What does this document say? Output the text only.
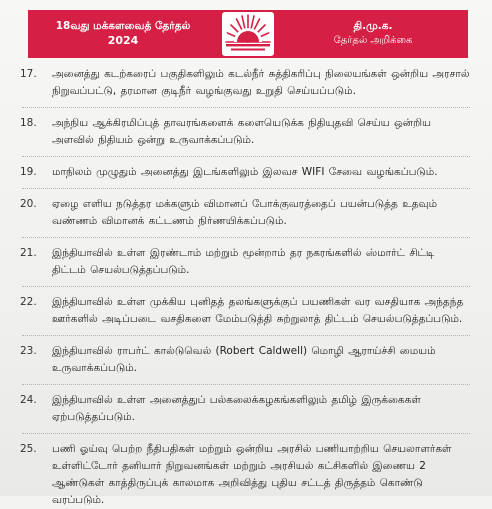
18வது மக்களவைத் தேர்தல்
2024
தி.மு.க.
தேர்தல் அறிக்கை
17.	அனைத்து கடற்கரைப் பகுதிகளிலும் கடல்நீர் சுத்திகரிப்பு நிலையங்கள் ஒன்றிய அரசால் நிறுவப்பட்டு, தரமான குடிநீர் வழங்குவது உறுதி செய்யப்படும்.
18.	அந்நிய ஆக்கிரமிப்புத் தாவரங்களைக் களையெடுக்க நிதியுதவி செய்ய ஒன்றிய அளவில் நிதியம் ஒன்று உருவாக்கப்படும்.
19.	மாநிலம் முழுதும் அனைத்து இடங்களிலும் இலவச WIFI சேவை வழங்கப்படும்.
20.	ஏழை எளிய நடுத்தர மக்களும் விமானப் போக்குவரத்தைப் பயன்படுத்த உதவும் வண்ணம் விமானக் கட்டணம் நிர்ணயிக்கப்படும்.
21.	இந்தியாவில் உள்ள இரண்டாம் மற்றும் மூன்றாம் தர நகரங்களில் ஸ்மார்ட் சிட்டி திட்டம் செயல்படுத்தப்படும்.
22.	இந்தியாவில் உள்ள முக்கிய புனிதத் தலங்களுக்குப் பயணிகள் வர வசதியாக அந்தந்த ஊர்களில் அடிப்படை வசதிகளை மேம்படுத்தி சுற்றுலாத் திட்டம் செயல்படுத்தப்படும்.
23.	இந்தியாவில் ராபர்ட் கால்டுவெல் (Robert Caldwell) மொழி ஆராய்ச்சி மையம் உருவாக்கப்படும்.
24.	இந்தியாவில் உள்ள அனைத்துப் பல்கலைக்கழகங்களிலும் தமிழ் இருக்கைகள் ஏற்படுத்தப்படும்.
25.	பணி ஓய்வு பெற்ற நீதிபதிகள் மற்றும் ஒன்றிய அரசில் பணியாற்றிய செயலாளர்கள் உள்ளிட்டோர் தனியார் நிறுவனங்கள் மற்றும் அரசியல் கட்சிகளில் இணைய 2 ஆண்டுகள் காத்திருப்புக் காலமாக அறிவித்து புதிய சட்டத் திருத்தம் கொண்டு வரப்படும்.
